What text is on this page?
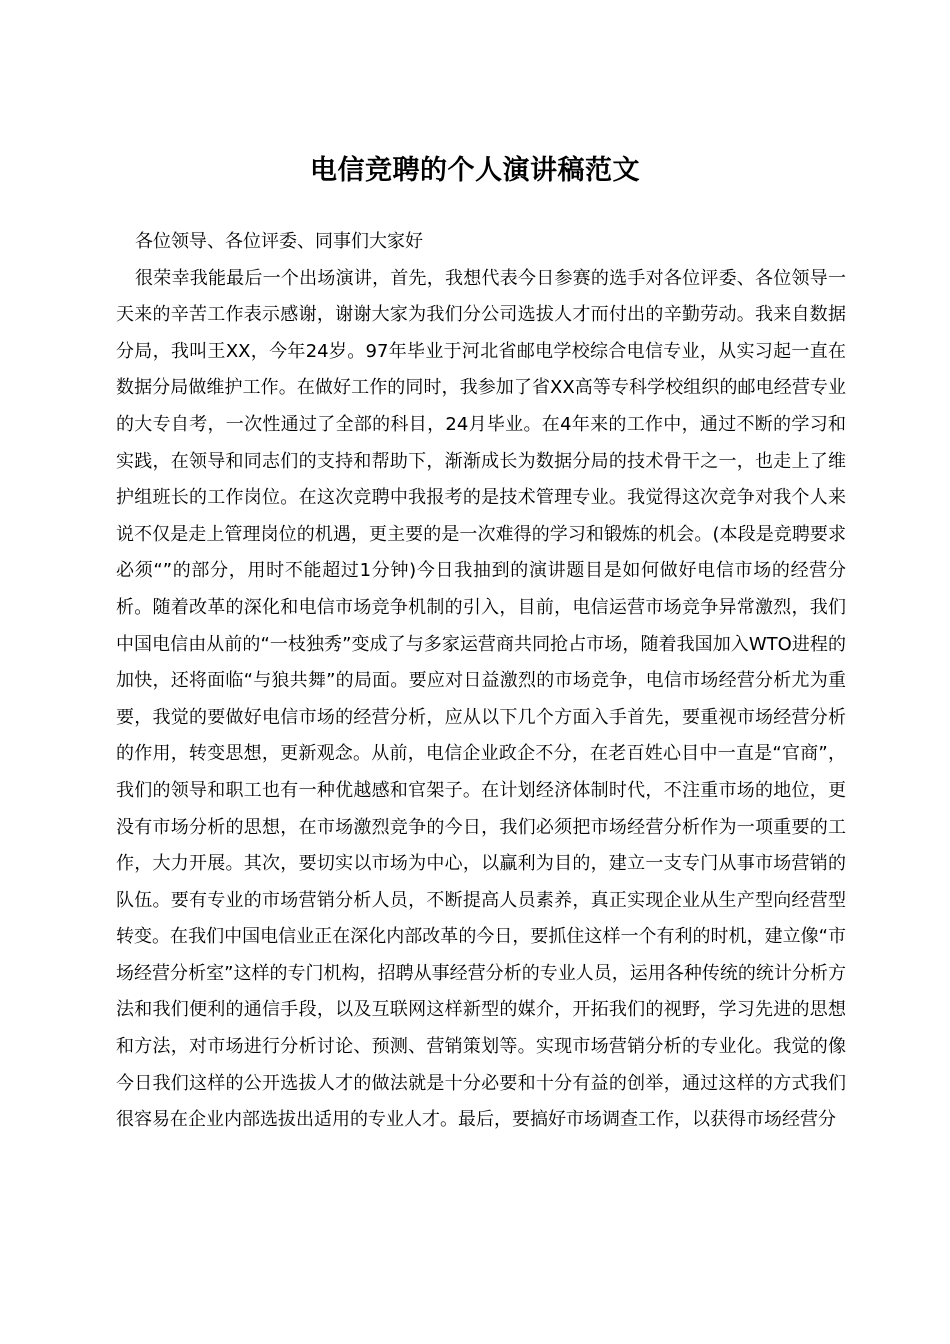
电信竞聘的个人演讲稿范文

各位领导、各位评委、同事们大家好

很荣幸我能最后一个出场演讲，首先，我想代表今日参赛的选手对各位评委、各位领导一天来的辛苦工作表示感谢，谢谢大家为我们分公司选拔人才而付出的辛勤劳动。我来自数据分局，我叫王XX，今年24岁。97年毕业于河北省邮电学校综合电信专业，从实习起一直在数据分局做维护工作。在做好工作的同时，我参加了省XX高等专科学校组织的邮电经营专业的大专自考，一次性通过了全部的科目，24月毕业。在4年来的工作中，通过不断的学习和实践，在领导和同志们的支持和帮助下，渐渐成长为数据分局的技术骨干之一，也走上了维护组班长的工作岗位。在这次竞聘中我报考的是技术管理专业。我觉得这次竞争对我个人来说不仅是走上管理岗位的机遇，更主要的是一次难得的学习和锻炼的机会。(本段是竞聘要求必须“”的部分，用时不能超过1分钟)今日我抽到的演讲题目是如何做好电信市场的经营分析。随着改革的深化和电信市场竞争机制的引入，目前，电信运营市场竞争异常激烈，我们中国电信由从前的“一枝独秀”变成了与多家运营商共同抢占市场，随着我国加入WTO进程的加快，还将面临“与狼共舞”的局面。要应对日益激烈的市场竞争，电信市场经营分析尤为重要，我觉的要做好电信市场的经营分析，应从以下几个方面入手首先，要重视市场经营分析的作用，转变思想，更新观念。从前，电信企业政企不分，在老百姓心目中一直是“官商”，我们的领导和职工也有一种优越感和官架子。在计划经济体制时代，不注重市场的地位，更没有市场分析的思想，在市场激烈竞争的今日，我们必须把市场经营分析作为一项重要的工作，大力开展。其次，要切实以市场为中心，以赢利为目的，建立一支专门从事市场营销的队伍。要有专业的市场营销分析人员，不断提高人员素养，真正实现企业从生产型向经营型转变。在我们中国电信业正在深化内部改革的今日，要抓住这样一个有利的时机，建立像“市场经营分析室”这样的专门机构，招聘从事经营分析的专业人员，运用各种传统的统计分析方法和我们便利的通信手段，以及互联网这样新型的媒介，开拓我们的视野，学习先进的思想和方法，对市场进行分析讨论、预测、营销策划等。实现市场营销分析的专业化。我觉的像今日我们这样的公开选拔人才的做法就是十分必要和十分有益的创举，通过这样的方式我们很容易在企业内部选拔出适用的专业人才。最后，要搞好市场调查工作，以获得市场经营分
